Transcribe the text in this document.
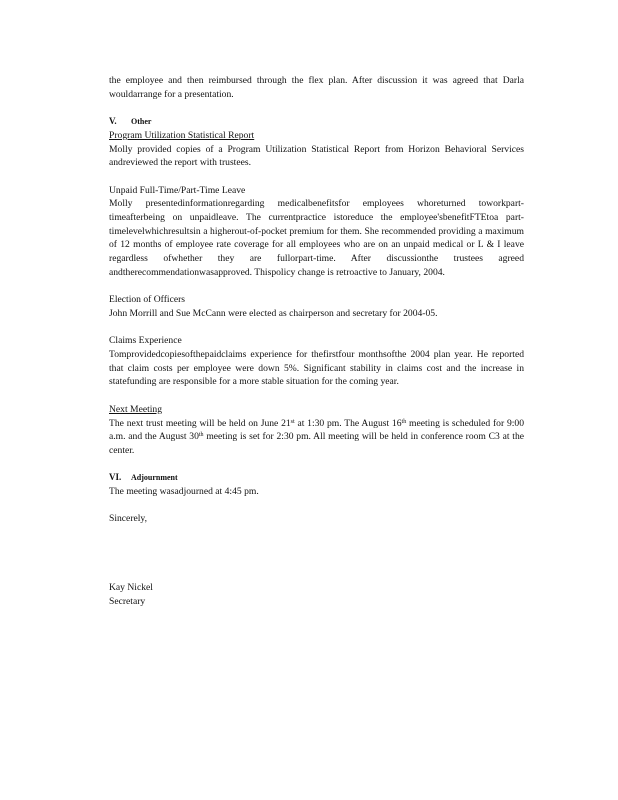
the employee and then reimbursed through the flex plan. After discussion it was agreed that Darla wouldarrange for a presentation.

V. Other

Program Utilization Statistical Report

Molly provided copies of a Program Utilization Statistical Report from Horizon Behavioral Services andreviewed the report with trustees.

Unpaid Full-Time/Part-Time Leave

Molly presentedinformationregarding medicalbenefitsfor employees whoreturned toworkpart-timeafterbeing on unpaidleave. The currentpractice istoreduce the employee'sbenefitFTEtoa part-timelevelwhichresultsin a higherout-of-pocket premium for them. She recommended providing a maximum of 12 months of employee rate coverage for all employees who are on an unpaid medical or L & I leave regardless ofwhether they are fullorpart-time. After discussionthe trustees agreed andtherecommendationwasapproved. Thispolicy change is retroactive to January, 2004.

Election of Officers

John Morrill and Sue McCann were elected as chairperson and secretary for 2004-05.

Claims Experience

Tomprovidedcopiesofthepaidclaims experience for thefirstfour monthsofthe 2004 plan year. He reported that claim costs per employee were down 5%. Significant stability in claims cost and the increase in statefunding are responsible for a more stable situation for the coming year.

Next Meeting

The next trust meeting will be held on June 21st at 1:30 pm. The August 16th meeting is scheduled for 9:00 a.m. and the August 30th meeting is set for 2:30 pm. All meeting will be held in conference room C3 at the center.

VI. Adjournment

The meeting wasadjourned at 4:45 pm.

Sincerely,

Kay Nickel

Secretary
